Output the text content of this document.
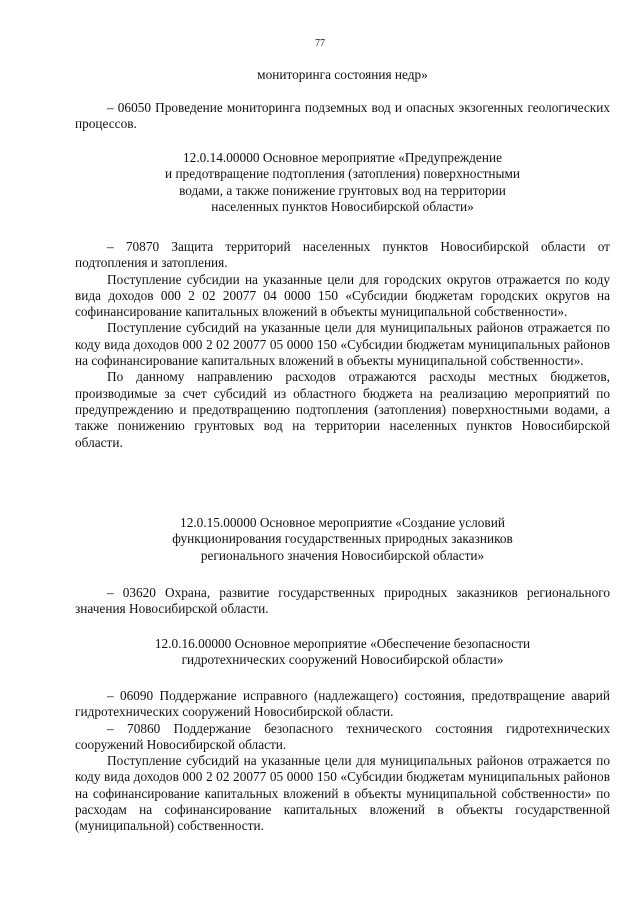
77
мониторинга состояния недр»

– 06050 Проведение мониторинга подземных вод и опасных экзогенных геологических процессов.

12.0.14.00000 Основное мероприятие «Предупреждение

и предотвращение подтопления (затопления) поверхностными

водами, а также понижение грунтовых вод на территории

населенных пунктов Новосибирской области»

– 70870 Защита территорий населенных пунктов Новосибирской области от подтопления и затопления.

Поступление субсидии на указанные цели для городских округов отражается по коду вида доходов 000 2 02 20077 04 0000 150 «Субсидии бюджетам городских округов на софинансирование капитальных вложений в объекты муниципальной собственности».

Поступление субсидий на указанные цели для муниципальных районов отражается по коду вида доходов 000 2 02 20077 05 0000 150 «Субсидии бюджетам муниципальных районов на софинансирование капитальных вложений в объекты муниципальной собственности».

По данному направлению расходов отражаются расходы местных бюджетов, производимые за счет субсидий из областного бюджета на реализацию мероприятий по предупреждению и предотвращению подтопления (затопления) поверхностными водами, а также понижению грунтовых вод на территории населенных пунктов Новосибирской области.

12.0.15.00000 Основное мероприятие «Создание условий

функционирования государственных природных заказников

регионального значения Новосибирской области»

– 03620 Охрана, развитие государственных природных заказников регионального значения Новосибирской области.

12.0.16.00000 Основное мероприятие «Обеспечение безопасности

гидротехнических сооружений Новосибирской области»

– 06090 Поддержание исправного (надлежащего) состояния, предотвращение аварий гидротехнических сооружений Новосибирской области.

– 70860 Поддержание безопасного технического состояния гидротехнических сооружений Новосибирской области.

Поступление субсидий на указанные цели для муниципальных районов отражается по коду вида доходов 000 2 02 20077 05 0000 150 «Субсидии бюджетам муниципальных районов на софинансирование капитальных вложений в объекты муниципальной собственности» по расходам на софинансирование капитальных вложений в объекты государственной (муниципальной) собственности.
